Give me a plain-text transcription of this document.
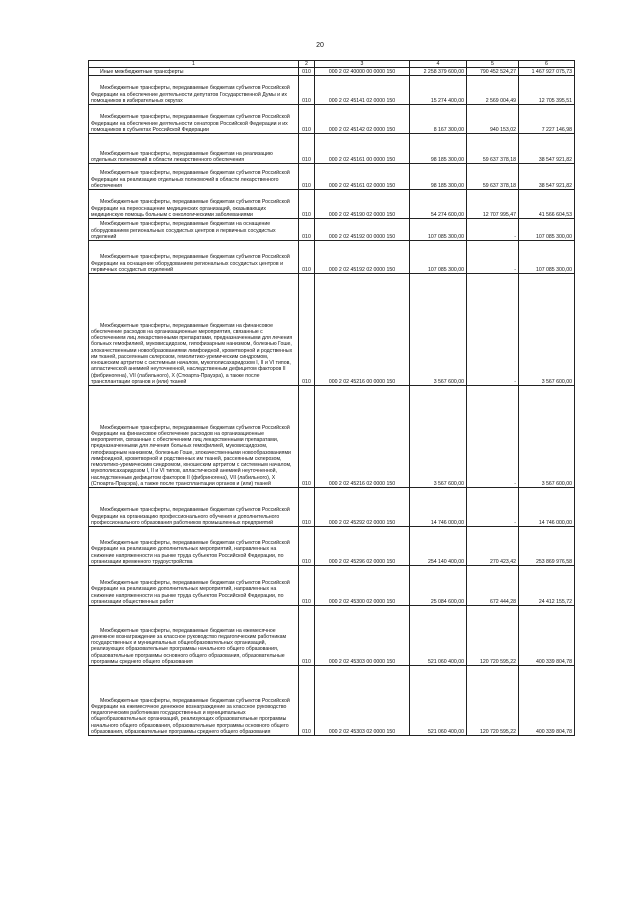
20
1	2	3	4	5	6
Иные межбюджетные трансферты	010	000 2 02 40000 00 0000 150	2 258 379 600,00	790 452 524,27	1 467 927 075,73
Межбюджетные трансферты, передаваемые бюджетам субъектов Российской Федерации на обеспечение деятельности депутатов Государственной Думы и их помощников в избирательных округах	010	000 2 02 45141 02 0000 150	15 274 400,00	2 569 004,49	12 705 395,51
Межбюджетные трансферты, передаваемые бюджетам субъектов Российской Федерации на обеспечение деятельности сенаторов Российской Федерации и их помощников в субъектах Российской Федерации	010	000 2 02 45142 02 0000 150	8 167 300,00	940 153,02	7 227 146,98
Межбюджетные трансферты, передаваемые бюджетам на реализацию отдельных полномочий в области лекарственного обеспечения	010	000 2 02 45161 00 0000 150	98 185 300,00	59 637 378,18	38 547 921,82
Межбюджетные трансферты, передаваемые бюджетам субъектов Российской Федерации на реализацию отдельных полномочий в области лекарственного обеспечения	010	000 2 02 45161 02 0000 150	98 185 300,00	59 637 378,18	38 547 921,82
Межбюджетные трансферты, передаваемые бюджетам субъектов Российской Федерации на переоснащение медицинских организаций, оказывающих медицинскую помощь больным с онкологическими заболеваниями	010	000 2 02 45190 02 0000 150	54 274 600,00	12 707 995,47	41 566 604,53
Межбюджетные трансферты, передаваемые бюджетам на оснащение оборудованием региональных сосудистых центров и первичных сосудистых отделений	010	000 2 02 45192 00 0000 150	107 085 300,00	-	107 085 300,00
Межбюджетные трансферты, передаваемые бюджетам субъектов Российской Федерации на оснащение оборудованием региональных сосудистых центров и первичных сосудистых отделений	010	000 2 02 45192 02 0000 150	107 085 300,00	-	107 085 300,00
Межбюджетные трансферты, передаваемые бюджетам на финансовое обеспечение расходов на организационные мероприятия, связанные с обеспечением лиц лекарственными препаратами, предназначенными для лечения больных гемофилией, муковисцидозом, гипофизарным нанизмом, болезнью Гоше, злокачественными новообразованиями лимфоидной, кроветворной и родственных им тканей, рассеянным склерозом, гемолитико-уремическим синдромом, юношеским артритом с системным началом, мукополисахаридозом I, II и VI типов, апластической анемией неуточненной, наследственным дефицитом факторов II (фибриногена), VII (лабильного), X (Стюарта-Прауэра), а также после трансплантации органов и (или) тканей	010	000 2 02 45216 00 0000 150	3 567 600,00	-	3 567 600,00
Межбюджетные трансферты, передаваемые бюджетам субъектов Российской Федерации на финансовое обеспечение расходов на организационные мероприятия, связанные с обеспечением лиц лекарственными препаратами, предназначенными для лечения больных гемофилией, муковисцидозом, гипофизарным нанизмом, болезнью Гоше, злокачественными новообразованиями лимфоидной, кроветворной и родственных им тканей, рассеянным склерозом, гемолитико-уремическим синдромом, юношеским артритом с системным началом, мукополисахаридозом I, II и VI типов, апластической анемией неуточненной, наследственным дефицитом факторов II (фибриногена), VII (лабильного), X (Стюарта-Прауэра), а также после трансплантации органов и (или) тканей	010	000 2 02 45216 02 0000 150	3 567 600,00	-	3 567 600,00
Межбюджетные трансферты, передаваемые бюджетам субъектов Российской Федерации на организацию профессионального обучения и дополнительного профессионального образования работников промышленных предприятий	010	000 2 02 45292 02 0000 150	14 746 000,00	-	14 746 000,00
Межбюджетные трансферты, передаваемые бюджетам субъектов Российской Федерации на реализацию дополнительных мероприятий, направленных на снижение напряженности на рынке труда субъектов Российской Федерации, по организации временного трудоустройства	010	000 2 02 45296 02 0000 150	254 140 400,00	270 423,42	253 869 976,58
Межбюджетные трансферты, передаваемые бюджетам субъектов Российской Федерации на реализацию дополнительных мероприятий, направленных на снижение напряженности на рынке труда субъектов Российской Федерации, по организации общественных работ	010	000 2 02 45300 02 0000 150	25 084 600,00	672 444,28	24 412 155,72
Межбюджетные трансферты, передаваемые бюджетам на ежемесячное денежное вознаграждение за классное руководство педагогическим работникам государственных и муниципальных общеобразовательных организаций, реализующих образовательные программы начального общего образования, образовательные программы основного общего образования, образовательные программы среднего общего образования	010	000 2 02 45303 00 0000 150	521 060 400,00	120 720 595,22	400 339 804,78
Межбюджетные трансферты, передаваемые бюджетам субъектов Российской Федерации на ежемесячное денежное вознаграждение за классное руководство педагогическим работникам государственных и муниципальных общеобразовательных организаций, реализующих образовательные программы начального общего образования, образовательные программы основного общего образования, образовательные программы среднего общего образования	010	000 2 02 45303 02 0000 150	521 060 400,00	120 720 595,22	400 339 804,78
